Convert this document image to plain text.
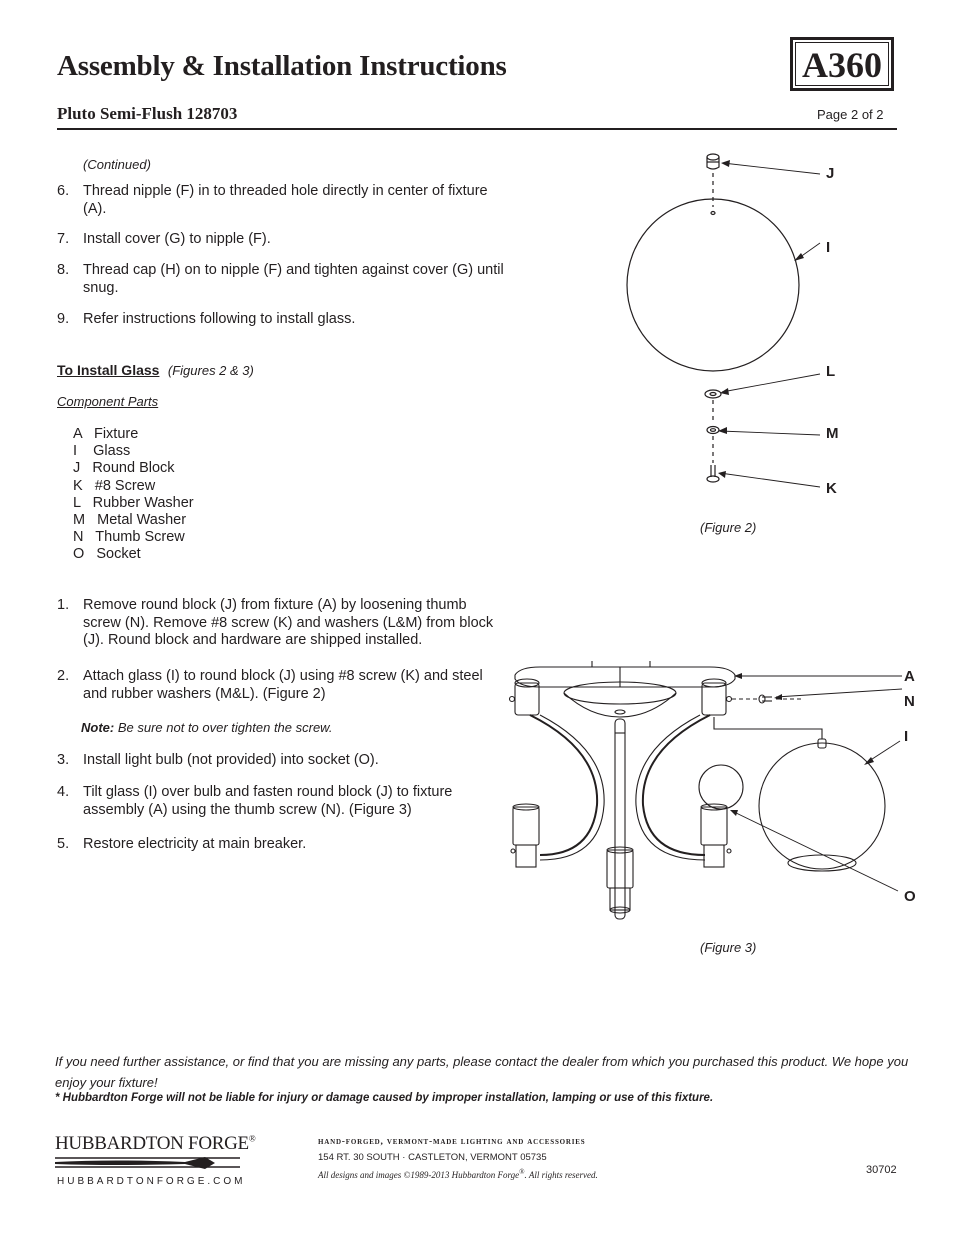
Assembly & Installation Instructions	A360
Pluto Semi-Flush 128703	Page 2 of 2
(Continued)
6. Thread nipple (F) in to threaded hole directly in center of fixture (A).
7. Install cover (G) to nipple (F).
8. Thread cap (H) on to nipple (F) and tighten against cover (G) until snug.
9. Refer instructions following to install glass.
To Install Glass (Figures 2 & 3)
Component Parts
A   Fixture
I    Glass
J   Round Block
K   #8 Screw
L   Rubber Washer
M   Metal Washer
N   Thumb Screw
O   Socket
1. Remove round block (J) from fixture (A) by loosening thumb screw (N). Remove #8 screw (K) and washers (L&M) from block (J). Round block and hardware are shipped installed.
2. Attach glass (I) to round block (J) using #8 screw (K) and steel and rubber washers (M&L). (Figure 2)
Note: Be sure not to over tighten the screw.
3. Install light bulb (not provided) into socket (O).
4. Tilt glass (I) over bulb and fasten round block (J) to fixture assembly (A) using the thumb screw (N). (Figure 3)
5. Restore electricity at main breaker.
J
I
L
M
K
(Figure 2)
A
N
I
O
(Figure 3)
If you need further assistance, or find that you are missing any parts, please contact the dealer from which you purchased this product. We hope you enjoy your fixture!
* Hubbardton Forge will not be liable for injury or damage caused by improper installation, lamping or use of this fixture.
HUBBARDTON FORGE®
HUBBARDTONFORGE.COM
hand-forged, vermont-made lighting and accessories
154 RT. 30 SOUTH · CASTLETON, VERMONT 05735
All designs and images ©1989-2013 Hubbardton Forge®. All rights reserved.	30702
